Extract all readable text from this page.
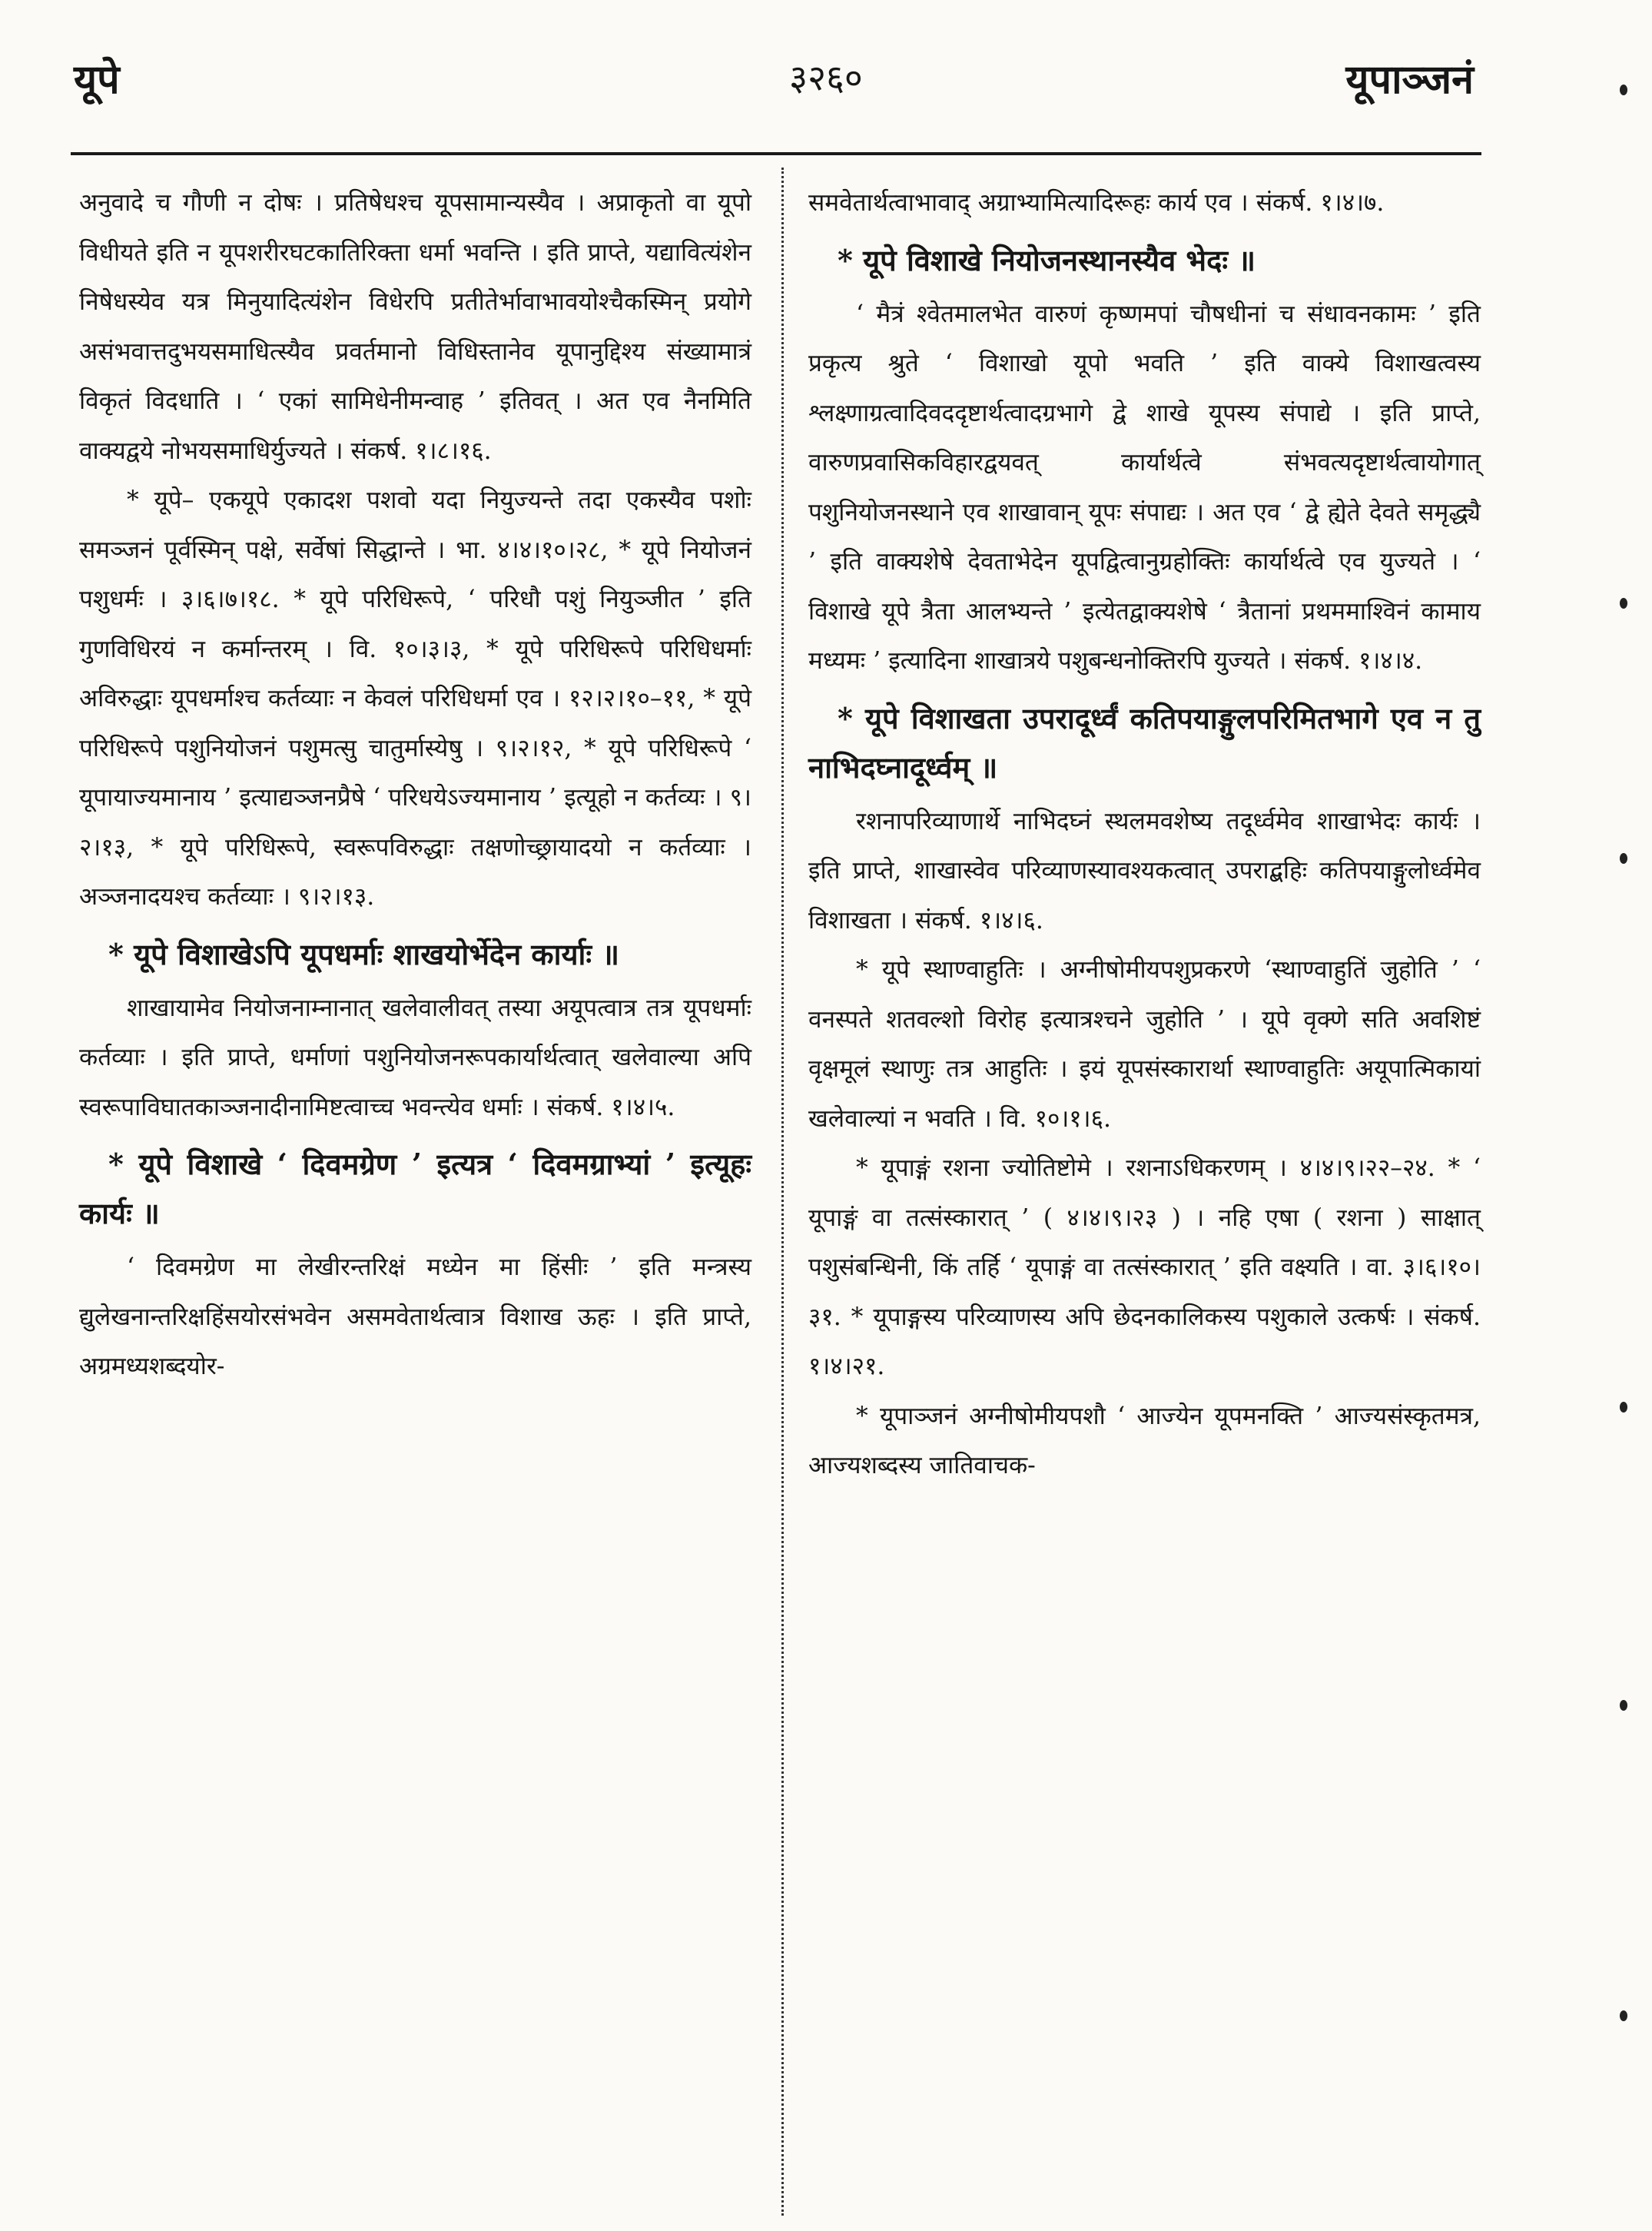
३२६०
यूपे	यूपाञ्जनं

अनुवादे च गौणी न दोषः । प्रतिषेधश्च यूपसामान्यस्यैव । अप्राकृतो वा यूपो विधीयते इति न यूपशरीरघटकातिरिक्ता धर्मा भवन्ति । इति प्राप्ते, यद्यावित्यंशेन निषेधस्येव यत्र मिनुयादित्यंशेन विधेरपि प्रतीतेर्भावाभावयोश्चैकस्मिन् प्रयोगे असंभवात्तदुभयसमाधित्स्यैव प्रवर्तमानो विधिस्तानेव यूपानुद्दिश्य संख्यामात्रं विकृतं विदधाति । ‘ एकां सामिधेनीमन्वाह ’ इतिवत् । अत एव नैनमिति वाक्यद्वये नोभयसमाधिर्युज्यते । संकर्ष. १।८।१६.

* यूपे– एकयूपे एकादश पशवो यदा नियुज्यन्ते तदा एकस्यैव पशोः समञ्जनं पूर्वस्मिन् पक्षे, सर्वेषां सिद्धान्ते । भा. ४।४।१०।२८, * यूपे नियोजनं पशुधर्मः । ३।६।७।१८. * यूपे परिधिरूपे, ‘ परिधौ पशुं नियुञ्जीत ’ इति गुणविधिरयं न कर्मान्तरम् । वि. १०।३।३, * यूपे परिधिरूपे परिधिधर्माः अविरुद्धाः यूपधर्माश्च कर्तव्याः न केवलं परिधिधर्मा एव । १२।२।१०–११, * यूपे परिधिरूपे पशुनियोजनं पशुमत्सु चातुर्मास्येषु । ९।२।१२, * यूपे परिधिरूपे ‘ यूपायाज्यमानाय ’ इत्याद्यञ्जनप्रैषे ‘ परिधयेऽज्यमानाय ’ इत्यूहो न कर्तव्यः । ९।२।१३, * यूपे परिधिरूपे, स्वरूपविरुद्धाः तक्षणोच्छ्रायादयो न कर्तव्याः । अञ्जनादयश्च कर्तव्याः । ९।२।१३.

* यूपे विशाखेऽपि यूपधर्माः शाखयोर्भेदेन कार्याः ॥

शाखायामेव नियोजनाम्नानात् खलेवालीवत् तस्या अयूपत्वात्र तत्र यूपधर्माः कर्तव्याः । इति प्राप्ते, धर्माणां पशुनियोजनरूपकार्यार्थत्वात् खलेवाल्या अपि स्वरूपाविघातकाञ्जनादीनामिष्टत्वाच्च भवन्त्येव धर्माः । संकर्ष. १।४।५.

* यूपे विशाखे ‘ दिवमग्रेण ’ इत्यत्र ‘ दिवमग्राभ्यां ’ इत्यूहः कार्यः ॥

‘ दिवमग्रेण मा लेखीरन्तरिक्षं मध्येन मा हिंसीः ’ इति मन्त्रस्य द्युलेखनान्तरिक्षहिंसयोरसंभवेन असमवेतार्थत्वात्र विशाख ऊहः । इति प्राप्ते, अग्रमध्यशब्दयोर-

समवेतार्थत्वाभावाद् अग्राभ्यामित्यादिरूहः कार्य एव । संकर्ष. १।४।७.

* यूपे विशाखे नियोजनस्थानस्यैव भेदः ॥

‘ मैत्रं श्वेतमालभेत वारुणं कृष्णमपां चौषधीनां च संधावनकामः ’ इति प्रकृत्य श्रुते ‘ विशाखो यूपो भवति ’ इति वाक्ये विशाखत्वस्य श्लक्ष्णाग्रत्वादिवददृष्टार्थत्वादग्रभागे द्वे शाखे यूपस्य संपाद्ये । इति प्राप्ते, वारुणप्रवासिकविहारद्वयवत् कार्यार्थत्वे संभवत्यदृष्टार्थत्वायोगात् पशुनियोजनस्थाने एव शाखावान् यूपः संपाद्यः । अत एव ‘ द्वे ह्येते देवते समृद्ध्यै ’ इति वाक्यशेषे देवताभेदेन यूपद्वित्वानुग्रहोक्तिः कार्यार्थत्वे एव युज्यते । ‘ विशाखे यूपे त्रैता आलभ्यन्ते ’ इत्येतद्वाक्यशेषे ‘ त्रैतानां प्रथममाश्विनं कामाय मध्यमः ’ इत्यादिना शाखात्रये पशुबन्धनोक्तिरपि युज्यते । संकर्ष. १।४।४.

* यूपे विशाखता उपरादूर्ध्वं कतिपयाङ्गुलपरिमितभागे एव न तु नाभिदघ्नादूर्ध्वम् ॥

रशनापरिव्याणार्थे नाभिदघ्नं स्थलमवशेष्य तदूर्ध्वमेव शाखाभेदः कार्यः । इति प्राप्ते, शाखास्वेव परिव्याणस्यावश्यकत्वात् उपराद्बहिः कतिपयाङ्गुलोर्ध्वमेव विशाखता । संकर्ष. १।४।६.

* यूपे स्थाण्वाहुतिः । अग्नीषोमीयपशुप्रकरणे ‘स्थाण्वाहुतिं जुहोति ’ ‘ वनस्पते शतवल्शो विरोह इत्यात्रश्चने जुहोति ’ । यूपे वृक्णे सति अवशिष्टं वृक्षमूलं स्थाणुः तत्र आहुतिः । इयं यूपसंस्कारार्था स्थाण्वाहुतिः अयूपात्मिकायां खलेवाल्यां न भवति । वि. १०।१।६.

* यूपाङ्गं रशना ज्योतिष्टोमे । रशनाऽधिकरणम् । ४।४।९।२२–२४. * ‘ यूपाङ्गं वा तत्संस्कारात् ’ ( ४।४।९।२३ ) । नहि एषा ( रशना ) साक्षात् पशुसंबन्धिनी, किं तर्हि ‘ यूपाङ्गं वा तत्संस्कारात् ’ इति वक्ष्यति । वा. ३।६।१०।३१. * यूपाङ्गस्य परिव्याणस्य अपि छेदनकालिकस्य पशुकाले उत्कर्षः । संकर्ष. १।४।२१.

* यूपाञ्जनं अग्नीषोमीयपशौ ‘ आज्येन यूपमनक्ति ’ आज्यसंस्कृतमत्र, आज्यशब्दस्य जातिवाचक-
